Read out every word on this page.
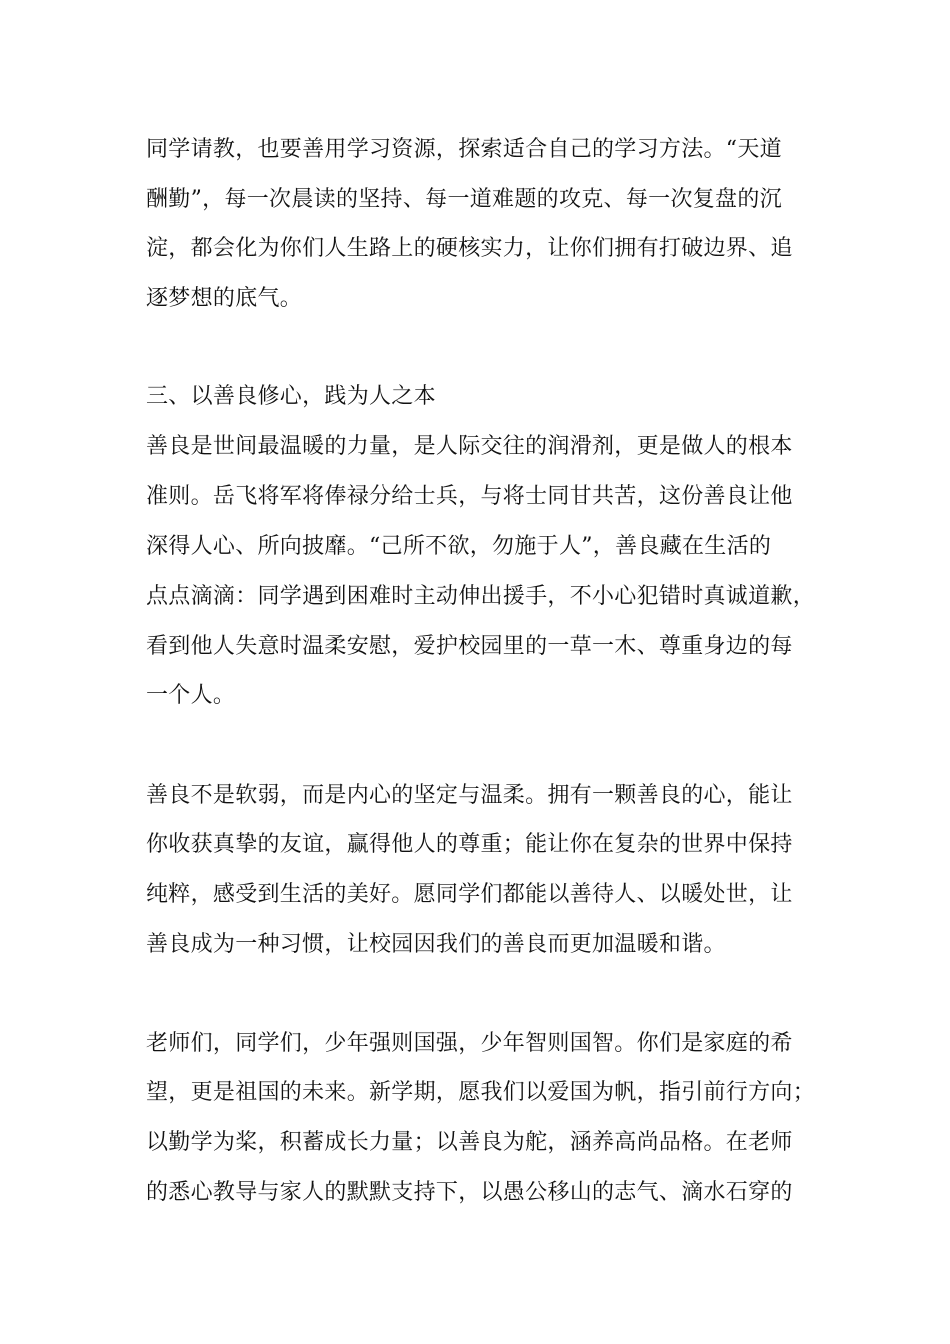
同学请教，也要善用学习资源，探索适合自己的学习方法。“天道
酬勤”，每一次晨读的坚持、每一道难题的攻克、每一次复盘的沉
淀，都会化为你们人生路上的硬核实力，让你们拥有打破边界、追
逐梦想的底气。
三、以善良修心，践为人之本
善良是世间最温暖的力量，是人际交往的润滑剂，更是做人的根本
准则。岳飞将军将俸禄分给士兵，与将士同甘共苦，这份善良让他
深得人心、所向披靡。“己所不欲，勿施于人”，善良藏在生活的
点点滴滴：同学遇到困难时主动伸出援手，不小心犯错时真诚道歉，
看到他人失意时温柔安慰，爱护校园里的一草一木、尊重身边的每
一个人。
善良不是软弱，而是内心的坚定与温柔。拥有一颗善良的心，能让
你收获真挚的友谊，赢得他人的尊重；能让你在复杂的世界中保持
纯粹，感受到生活的美好。愿同学们都能以善待人、以暖处世，让
善良成为一种习惯，让校园因我们的善良而更加温暖和谐。
老师们，同学们，少年强则国强，少年智则国智。你们是家庭的希
望，更是祖国的未来。新学期，愿我们以爱国为帆，指引前行方向；
以勤学为桨，积蓄成长力量；以善良为舵，涵养高尚品格。在老师
的悉心教导与家人的默默支持下，以愚公移山的志气、滴水石穿的
